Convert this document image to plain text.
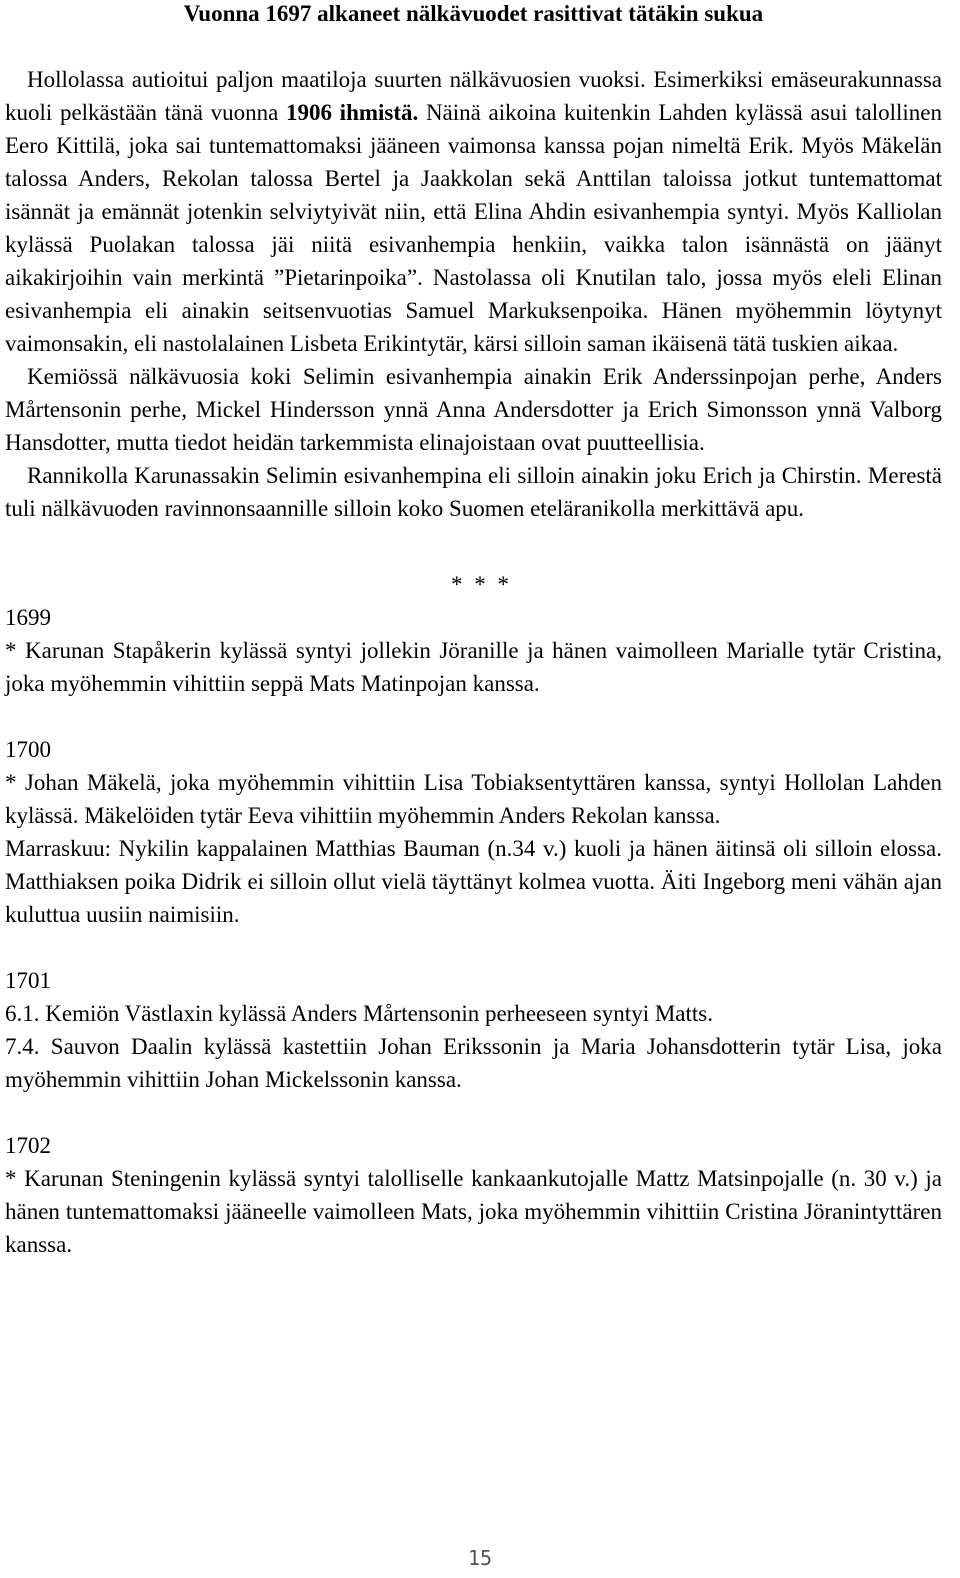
Vuonna 1697 alkaneet nälkävuodet rasittivat tätäkin sukua

Hollolassa autioitui paljon maatiloja suurten nälkävuosien vuoksi. Esimerkiksi emäseurakunnassa kuoli pelkästään tänä vuonna 1906 ihmistä. Näinä aikoina kuitenkin Lahden kylässä asui talollinen Eero Kittilä, joka sai tuntemattomaksi jääneen vaimonsa kanssa pojan nimeltä Erik. Myös Mäkelän talossa Anders, Rekolan talossa Bertel ja Jaakkolan sekä Anttilan taloissa jotkut tuntemattomat isännät ja emännät jotenkin selviytyivät niin, että Elina Ahdin esivanhempia syntyi. Myös Kalliolan kylässä Puolakan talossa jäi niitä esivanhempia henkiin, vaikka talon isännästä on jäänyt aikakirjoihin vain merkintä ”Pietarinpoika”. Nastolassa oli Knutilan talo, jossa myös eleli Elinan esivanhempia eli ainakin seitsenvuotias Samuel Markuksenpoika. Hänen myöhemmin löytynyt vaimonsakin, eli nastolalainen Lisbeta Erikintytär, kärsi silloin saman ikäisenä tätä tuskien aikaa.

Kemiössä nälkävuosia koki Selimin esivanhempia ainakin Erik Anderssinpojan perhe, Anders Mårtensonin perhe, Mickel Hindersson ynnä Anna Andersdotter ja Erich Simonsson ynnä Valborg Hansdotter, mutta tiedot heidän tarkemmista elinajoistaan ovat puutteellisia.

Rannikolla Karunassakin Selimin esivanhempina eli silloin ainakin joku Erich ja Chirstin. Merestä tuli nälkävuoden ravinnonsaannille silloin koko Suomen eteläranikolla merkittävä apu.

* * *
1699
* Karunan Stapåkerin kylässä syntyi jollekin Jöranille ja hänen vaimolleen Marialle tytär Cristina, joka myöhemmin vihittiin seppä Mats Matinpojan kanssa.
1700
* Johan Mäkelä, joka myöhemmin vihittiin Lisa Tobiaksentyttären kanssa, syntyi Hollolan Lahden kylässä. Mäkelöiden tytär Eeva vihittiin myöhemmin Anders Rekolan kanssa.
Marraskuu: Nykilin kappalainen Matthias Bauman (n.34 v.) kuoli ja hänen äitinsä oli silloin elossa. Matthiaksen poika Didrik ei silloin ollut vielä täyttänyt kolmea vuotta. Äiti Ingeborg meni vähän ajan kuluttua uusiin naimisiin.
1701
6.1. Kemiön Västlaxin kylässä Anders Mårtensonin perheeseen syntyi Matts.
7.4. Sauvon Daalin kylässä kastettiin Johan Erikssonin ja Maria Johansdotterin tytär Lisa, joka myöhemmin vihittiin Johan Mickelssonin kanssa.
1702
* Karunan Steningenin kylässä syntyi talolliselle kankaankutojalle Mattz Matsinpojalle (n. 30 v.) ja hänen tuntemattomaksi jääneelle vaimolleen Mats, joka myöhemmin vihittiin Cristina Jöranintyttären kanssa.
15
